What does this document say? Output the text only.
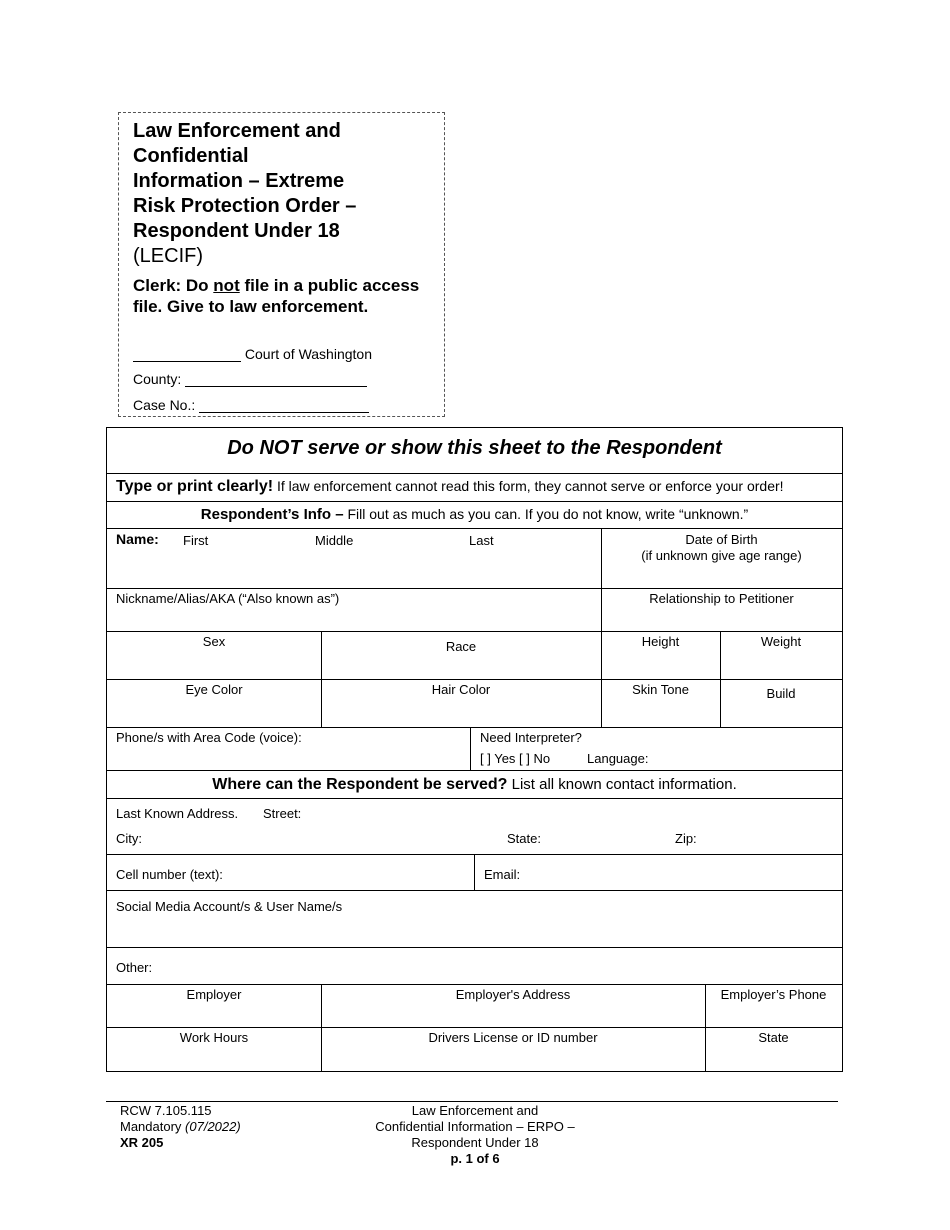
Law Enforcement and
Confidential
Information – Extreme
Risk Protection Order –
Respondent Under 18
(LECIF)
Clerk: Do not file in a public access file. Give to law enforcement.
Court of Washington
County:
Case No.:
Do NOT serve or show this sheet to the Respondent
Type or print clearly! If law enforcement cannot read this form, they cannot serve or enforce your order!
Respondent’s Info – Fill out as much as you can. If you do not know, write “unknown.”
Name: First	Middle	Last	Date of Birth
(if unknown give age range)
Nickname/Alias/AKA (“Also known as”)	Relationship to Petitioner
Sex	Race	Height	Weight
Eye Color	Hair Color	Skin Tone	Build
Phone/s with Area Code (voice):	Need Interpreter?
[ ] Yes [ ] No	Language:
Where can the Respondent be served? List all known contact information.
Last Known Address. Street:
City:	State:	Zip:
Cell number (text):	Email:
Social Media Account/s & User Name/s
Other:
Employer	Employer's Address	Employer’s Phone
Work Hours	Drivers License or ID number	State
RCW 7.105.115
Mandatory (07/2022)
XR 205
Law Enforcement and
Confidential Information – ERPO –
Respondent Under 18
p. 1 of 6
